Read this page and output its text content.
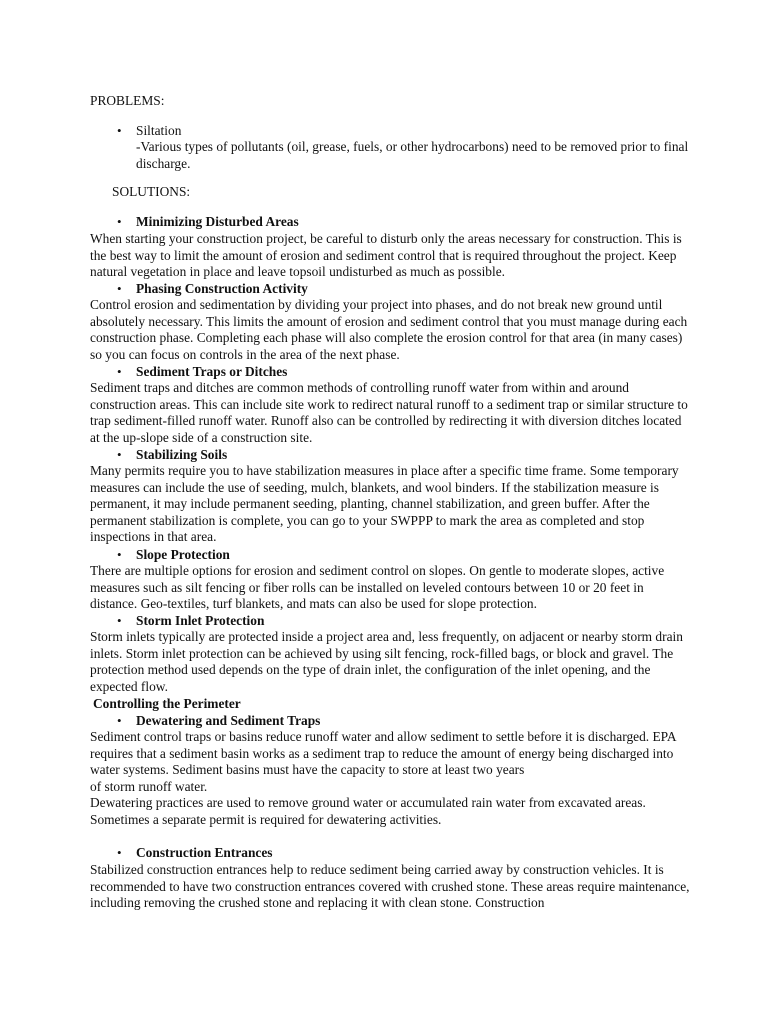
PROBLEMS:
• Siltation

-Various types of pollutants (oil, grease, fuels, or other hydrocarbons) need to be removed prior to final discharge.

SOLUTIONS:
• Minimizing Disturbed Areas

When starting your construction project, be careful to disturb only the areas necessary for construction. This is the best way to limit the amount of erosion and sediment control that is required throughout the project. Keep natural vegetation in place and leave topsoil undisturbed as much as possible.

• Phasing Construction Activity

Control erosion and sedimentation by dividing your project into phases, and do not break new ground until absolutely necessary. This limits the amount of erosion and sediment control that you must manage during each construction phase. Completing each phase will also complete the erosion control for that area (in many cases) so you can focus on controls in the area of the next phase.

• Sediment Traps or Ditches

Sediment traps and ditches are common methods of controlling runoff water from within and around construction areas. This can include site work to redirect natural runoff to a sediment trap or similar structure to trap sediment-filled runoff water. Runoff also can be controlled by redirecting it with diversion ditches located at the up-slope side of a construction site.

• Stabilizing Soils

Many permits require you to have stabilization measures in place after a specific time frame. Some temporary measures can include the use of seeding, mulch, blankets, and wool binders. If the stabilization measure is permanent, it may include permanent seeding, planting, channel stabilization, and green buffer. After the permanent stabilization is complete, you can go to your SWPPP to mark the area as completed and stop inspections in that area.

• Slope Protection

There are multiple options for erosion and sediment control on slopes. On gentle to moderate slopes, active measures such as silt fencing or fiber rolls can be installed on leveled contours between 10 or 20 feet in distance. Geo-textiles, turf blankets, and mats can also be used for slope protection.

• Storm Inlet Protection

Storm inlets typically are protected inside a project area and, less frequently, on adjacent or nearby storm drain inlets. Storm inlet protection can be achieved by using silt fencing, rock-filled bags, or block and gravel. The protection method used depends on the type of drain inlet, the configuration of the inlet opening, and the expected flow.

Controlling the Perimeter
• Dewatering and Sediment Traps

Sediment control traps or basins reduce runoff water and allow sediment to settle before it is discharged. EPA requires that a sediment basin works as a sediment trap to reduce the amount of energy being discharged into water systems. Sediment basins must have the capacity to store at least two years

of storm runoff water.

Dewatering practices are used to remove ground water or accumulated rain water from excavated areas. Sometimes a separate permit is required for dewatering activities.

• Construction Entrances

Stabilized construction entrances help to reduce sediment being carried away by construction vehicles. It is recommended to have two construction entrances covered with crushed stone. These areas require maintenance, including removing the crushed stone and replacing it with clean stone. Construction
